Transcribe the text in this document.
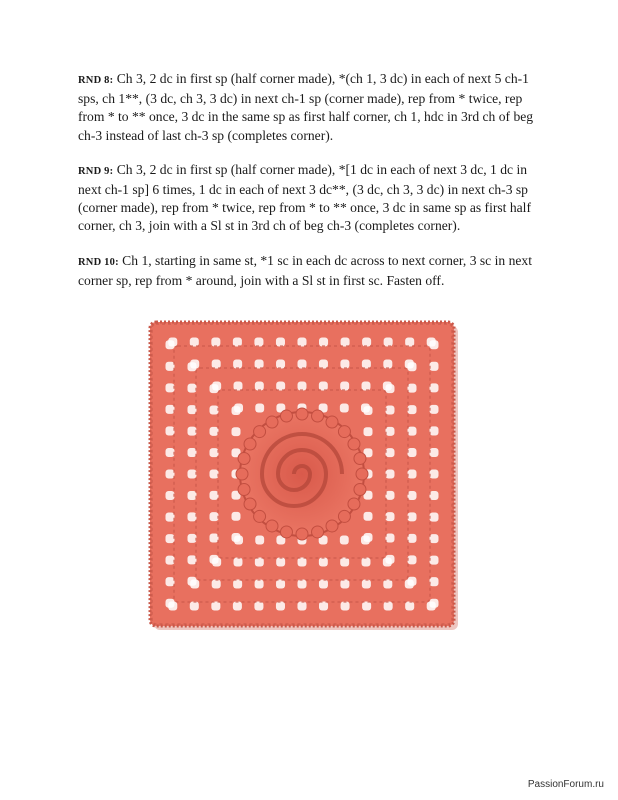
RND 8: Ch 3, 2 dc in first sp (half corner made), *(ch 1, 3 dc) in each of next 5 ch-1 sps, ch 1**, (3 dc, ch 3, 3 dc) in next ch-1 sp (corner made), rep from * twice, rep from * to ** once, 3 dc in the same sp as first half corner, ch 1, hdc in 3rd ch of beg ch-3 instead of last ch-3 sp (completes corner).

RND 9: Ch 3, 2 dc in first sp (half corner made), *[1 dc in each of next 3 dc, 1 dc in next ch-1 sp] 6 times, 1 dc in each of next 3 dc**, (3 dc, ch 3, 3 dc) in next ch-3 sp (corner made), rep from * twice, rep from * to ** once, 3 dc in same sp as first half corner, ch 3, join with a Sl st in 3rd ch of beg ch-3 (completes corner).

RND 10: Ch 1, starting in same st, *1 sc in each dc across to next corner, 3 sc in next corner sp, rep from * around, join with a Sl st in first sc. Fasten off.

PassionForum.ru
